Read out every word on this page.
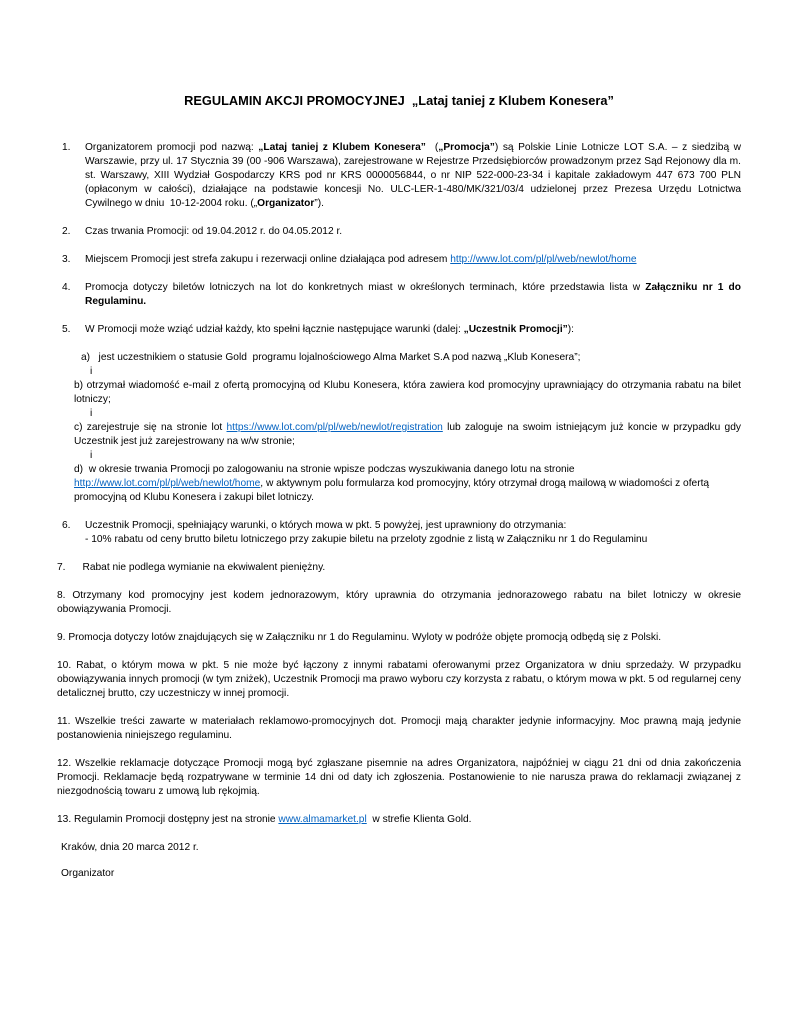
REGULAMIN AKCJI PROMOCYJNEJ  „Lataj taniej z Klubem Konesera”
1.	Organizatorem promocji pod nazwą: „Lataj taniej z Klubem Konesera”  („Promocja”) są Polskie Linie Lotnicze LOT S.A. – z siedzibą w Warszawie, przy ul. 17 Stycznia 39 (00 -906 Warszawa), zarejestrowane w Rejestrze Przedsiębiorców prowadzonym przez Sąd Rejonowy dla m. st. Warszawy, XIII Wydział Gospodarczy KRS pod nr KRS 0000056844, o nr NIP 522-000-23-34 i kapitale zakładowym 447 673 700 PLN (opłaconym w całości), działające na podstawie koncesji No. ULC-LER-1-480/MK/321/03/4 udzielonej przez Prezesa Urzędu Lotnictwa Cywilnego w dniu  10-12-2004 roku. („Organizator”).
2.	Czas trwania Promocji: od 19.04.2012 r. do 04.05.2012 r.
3.	Miejscem Promocji jest strefa zakupu i rezerwacji online działająca pod adresem http://www.lot.com/pl/pl/web/newlot/home
4.	Promocja dotyczy biletów lotniczych na lot do konkretnych miast w określonych terminach, które przedstawia lista w Załączniku nr 1 do Regulaminu.
5.	W Promocji może wziąć udział każdy, kto spełni łącznie następujące warunki (dalej: „Uczestnik Promocji”):
a)   jest uczestnikiem o statusie Gold  programu lojalnościowego Alma Market S.A pod nazwą „Klub Konesera”;
i
b) otrzymał wiadomość e-mail z ofertą promocyjną od Klubu Konesera, która zawiera kod promocyjny uprawniający do otrzymania rabatu na bilet lotniczy;
i
c) zarejestruje się na stronie lot https://www.lot.com/pl/pl/web/newlot/registration lub zaloguje na swoim istniejącym już koncie w przypadku gdy Uczestnik jest już zarejestrowany na w/w stronie;
i
d)  w okresie trwania Promocji po zalogowaniu na stronie wpisze podczas wyszukiwania danego lotu na stronie http://www.lot.com/pl/pl/web/newlot/home, w aktywnym polu formularza kod promocyjny, który otrzymał drogą mailową w wiadomości z ofertą promocyjną od Klubu Konesera i zakupi bilet lotniczy.
6.	Uczestnik Promocji, spełniający warunki, o których mowa w pkt. 5 powyżej, jest uprawniony do otrzymania:
- 10% rabatu od ceny brutto biletu lotniczego przy zakupie biletu na przeloty zgodnie z listą w Załączniku nr 1 do Regulaminu
7.      Rabat nie podlega wymianie na ekwiwalent pieniężny.
8. Otrzymany kod promocyjny jest kodem jednorazowym, który uprawnia do otrzymania jednorazowego rabatu na bilet lotniczy w okresie obowiązywania Promocji.
9. Promocja dotyczy lotów znajdujących się w Załączniku nr 1 do Regulaminu. Wyloty w podróże objęte promocją odbędą się z Polski.
10. Rabat, o którym mowa w pkt. 5 nie może być łączony z innymi rabatami oferowanymi przez Organizatora w dniu sprzedaży. W przypadku obowiązywania innych promocji (w tym zniżek), Uczestnik Promocji ma prawo wyboru czy korzysta z rabatu, o którym mowa w pkt. 5 od regularnej ceny detalicznej brutto, czy uczestniczy w innej promocji.
11. Wszelkie treści zawarte w materiałach reklamowo-promocyjnych dot. Promocji mają charakter jedynie informacyjny. Moc prawną mają jedynie postanowienia niniejszego regulaminu.
12. Wszelkie reklamacje dotyczące Promocji mogą być zgłaszane pisemnie na adres Organizatora, najpóźniej w ciągu 21 dni od dnia zakończenia Promocji. Reklamacje będą rozpatrywane w terminie 14 dni od daty ich zgłoszenia. Postanowienie to nie narusza prawa do reklamacji związanej z niezgodnością towaru z umową lub rękojmią.
13. Regulamin Promocji dostępny jest na stronie www.almamarket.pl  w strefie Klienta Gold.
Kraków, dnia 20 marca 2012 r.
Organizator
